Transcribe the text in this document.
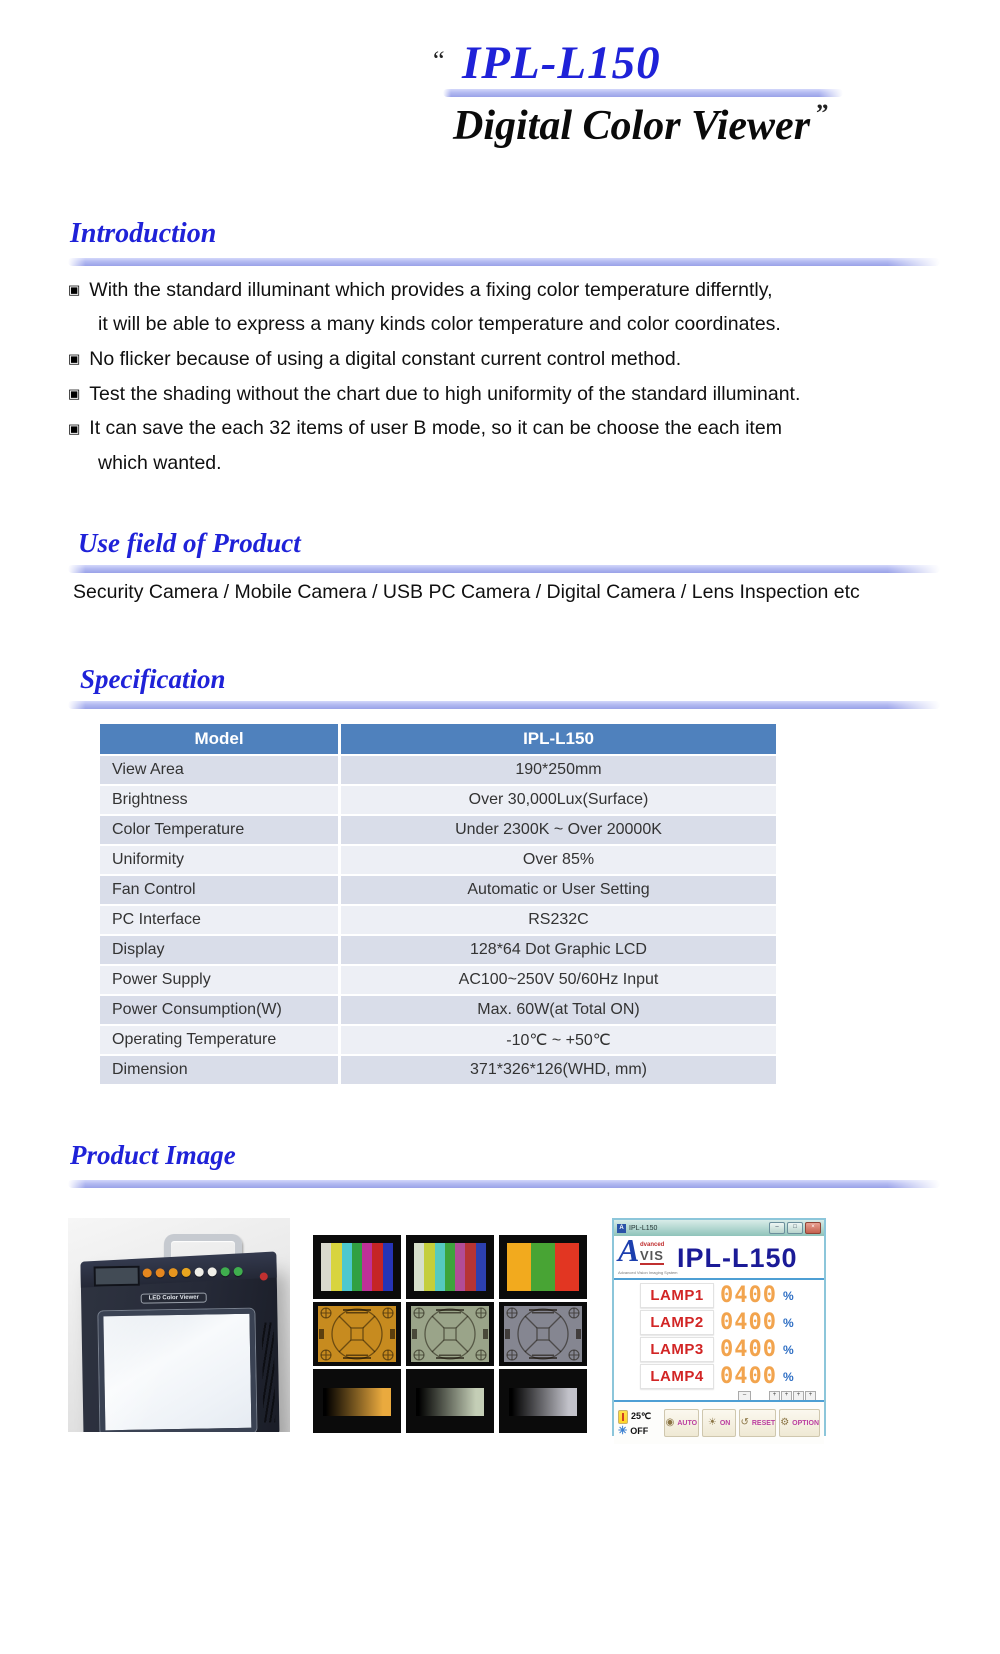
“ IPL-L150
Digital Color Viewer ”
Introduction
▣ With the standard illuminant which provides a fixing color temperature differntly,
it will be able to express a many kinds color temperature and color coordinates.
▣ No flicker because of using a digital constant current control method.
▣ Test the shading without the chart due to high uniformity of the standard illuminant.
▣ It can save the each 32 items of user B mode, so it can be choose the each item
which wanted.
Use field of Product
Security Camera / Mobile Camera / USB PC Camera / Digital Camera / Lens Inspection etc
Specification
Model	IPL-L150
View Area	190*250mm
Brightness	Over 30,000Lux(Surface)
Color Temperature	Under 2300K ~ Over 20000K
Uniformity	Over 85%
Fan Control	Automatic or User Setting
PC Interface	RS232C
Display	128*64 Dot Graphic LCD
Power Supply	AC100~250V 50/60Hz Input
Power Consumption(W)	Max. 60W(at Total ON)
Operating Temperature	-10℃ ~ +50℃
Dimension	371*326*126(WHD, mm)
Product Image
LED Color Viewer
A IPL-L150	–	□	×
A dvanced
VIS
Advanced Vision Imaging System IPL-L150
LAMP1 0400 %
LAMP2 0400 %
LAMP3 0400 %
LAMP4 0400 %
–	+	+	+	+
25℃
✳ OFF
◉ AUTO ☀ ON ↺ RESET ⚙ OPTION
